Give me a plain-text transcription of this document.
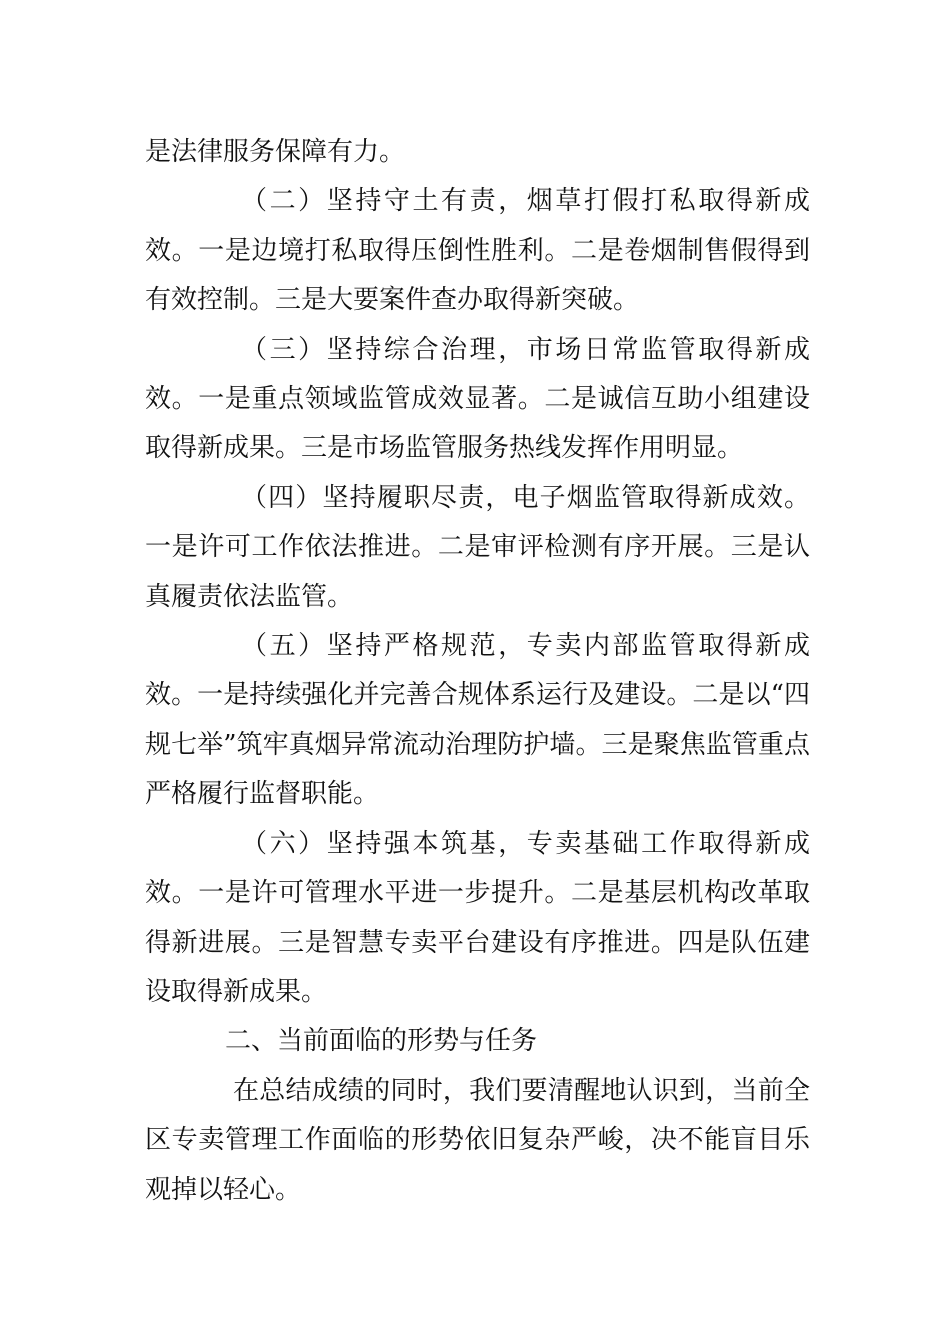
是法律服务保障有力。

（二）坚持守土有责，烟草打假打私取得新成效。一是边境打私取得压倒性胜利。二是卷烟制售假得到有效控制。三是大要案件查办取得新突破。

（三）坚持综合治理，市场日常监管取得新成效。一是重点领域监管成效显著。二是诚信互助小组建设取得新成果。三是市场监管服务热线发挥作用明显。

（四）坚持履职尽责，电子烟监管取得新成效。一是许可工作依法推进。二是审评检测有序开展。三是认真履责依法监管。

（五）坚持严格规范，专卖内部监管取得新成效。一是持续强化并完善合规体系运行及建设。二是以“四规七举”筑牢真烟异常流动治理防护墙。三是聚焦监管重点严格履行监督职能。

（六）坚持强本筑基，专卖基础工作取得新成效。一是许可管理水平进一步提升。二是基层机构改革取得新进展。三是智慧专卖平台建设有序推进。四是队伍建设取得新成果。

二、当前面临的形势与任务

在总结成绩的同时，我们要清醒地认识到，当前全区专卖管理工作面临的形势依旧复杂严峻，决不能盲目乐观掉以轻心。
